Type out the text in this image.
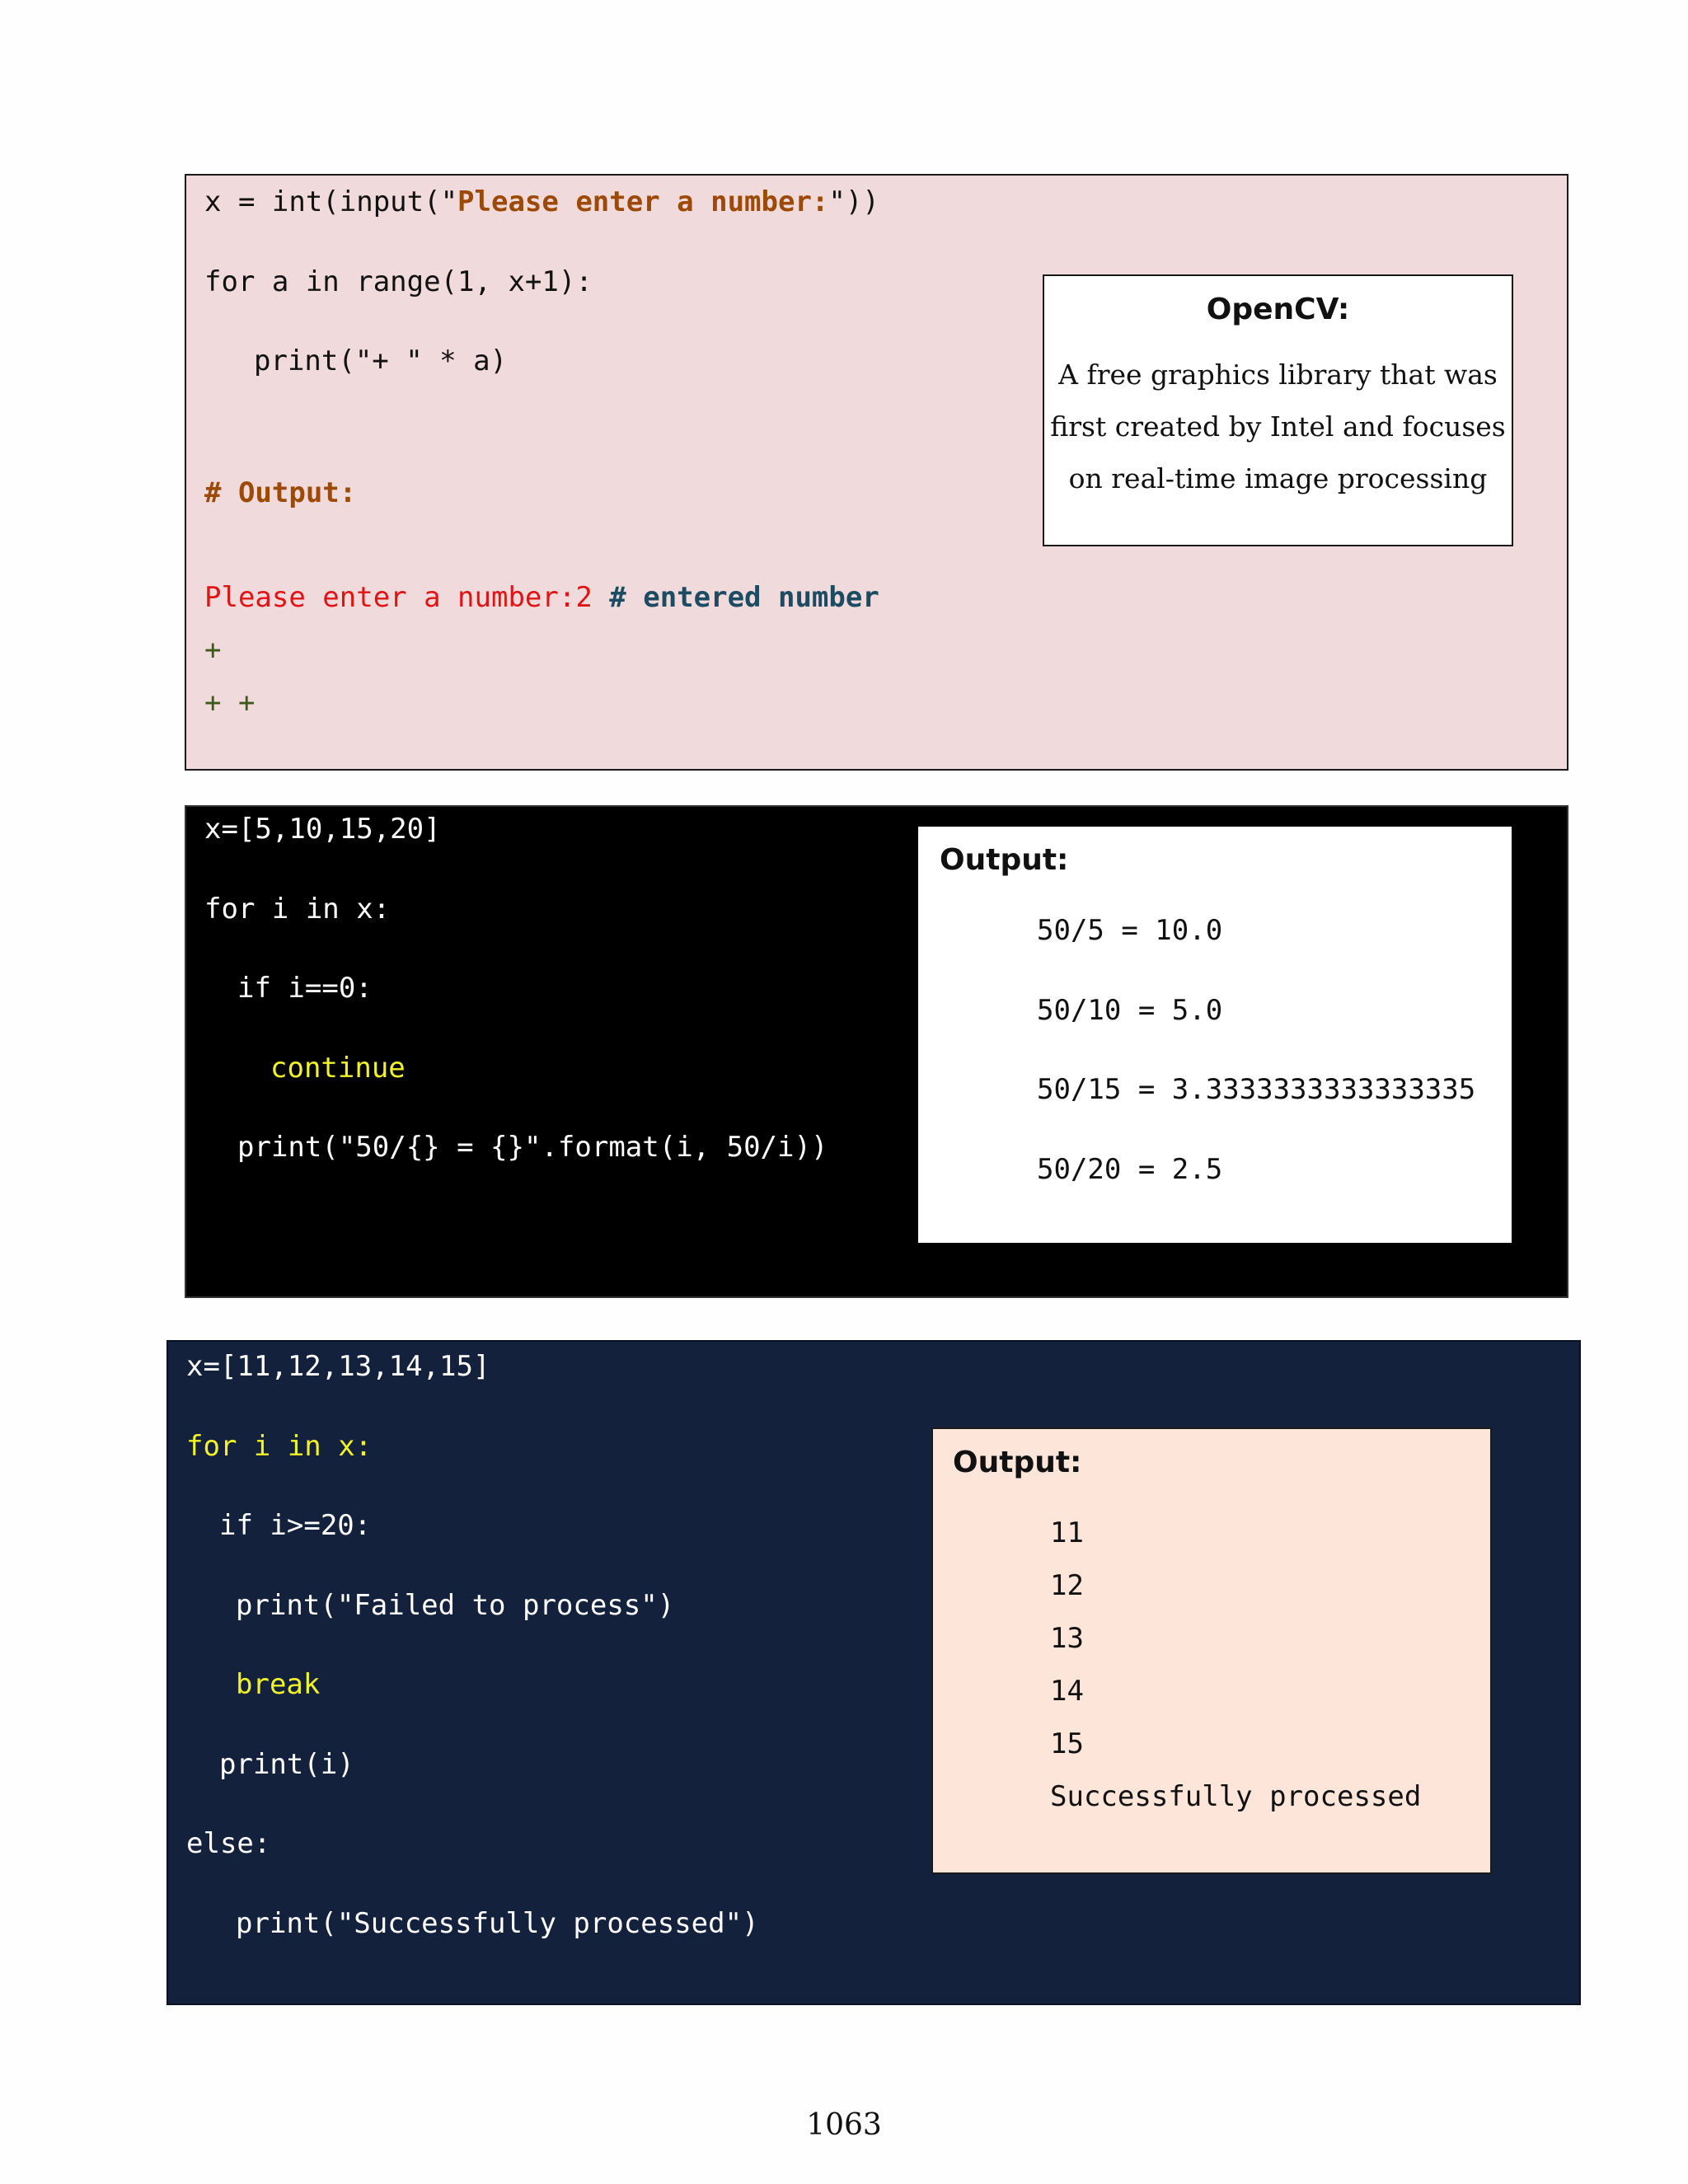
x = int(input("Please enter a number:"))
for a in range(1, x+1):
print("+ " * a)
# Output:
Please enter a number:2 # entered number
+
+ +
OpenCV:
A free graphics library that was
first created by Intel and focuses
on real-time image processing
x=[5,10,15,20]
for i in x:
if i==0:
continue
print("50/{} = {}".format(i, 50/i))
Output:
50/5 = 10.0
50/10 = 5.0
50/15 = 3.3333333333333335
50/20 = 2.5
x=[11,12,13,14,15]
for i in x:
if i>=20:
print("Failed to process")
break
print(i)
else:
print("Successfully processed")
Output:
11
12
13
14
15
Successfully processed
1063
